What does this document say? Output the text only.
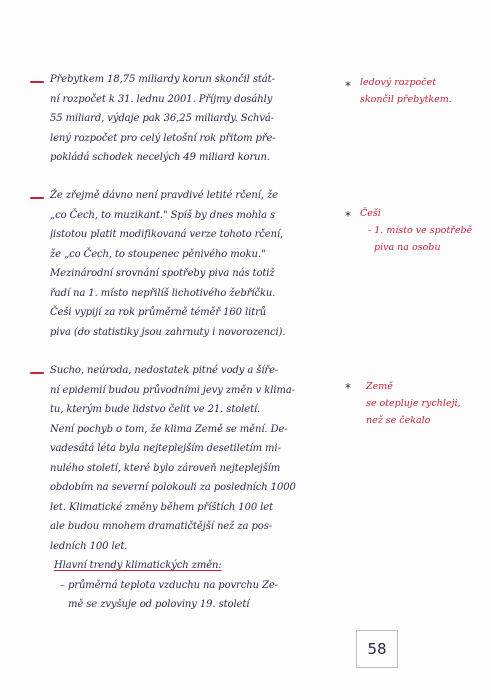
Přebytkem 18,75 miliardy korun skončil stát-
ní rozpočet k 31. lednu 2001. Příjmy dosáhly
55 miliard, výdaje pak 36,25 miliardy. Schvá-
lený rozpočet pro celý letošní rok přitom pře-
pokládá schodek necelých 49 miliard korun.
* ledový rozpočet
skončil přebytkem.
Že zřejmě dávno není pravdivé letité rčení, že
„co Čech, to muzikant." Spíš by dnes mohla s
jistotou platit modifikovaná verze tohoto rčení,
že „co Čech, to stoupenec pěnivého moku."
Mezinárodní srovnání spotřeby piva nás totiž
řadí na 1. místo nepřilíš lichotivého žebříčku.
Češi vypijí za rok průměrně téměř 160 litrů
piva (do statistiky jsou zahrnuty i novorozenci).
* Češi
- 1. místo ve spotřebě
piva na osobu
Sucho, neúroda, nedostatek pitné vody a šíře-
ní epidemií budou průvodními jevy změn v klima-
tu, kterým bude lidstvo čelit ve 21. století.
Není pochyb o tom, že klima Země se mění. De-
vadesátá léta byla nejteplejším desetiletím mi-
nulého století, které bylo zároveň nejteplejším
obdobím na severní polokouli za posledních 1000
let. Klimatické změny během příštích 100 let
ale budou mnohem dramatičtější než za pos-
ledních 100 let.
Hlavní trendy klimatických změn:
– průměrná teplota vzduchu na povrchu Ze-
mě se zvyšuje od poloviny 19. století
*	Země
se otepluje rychleji,
než se čekalo
58
